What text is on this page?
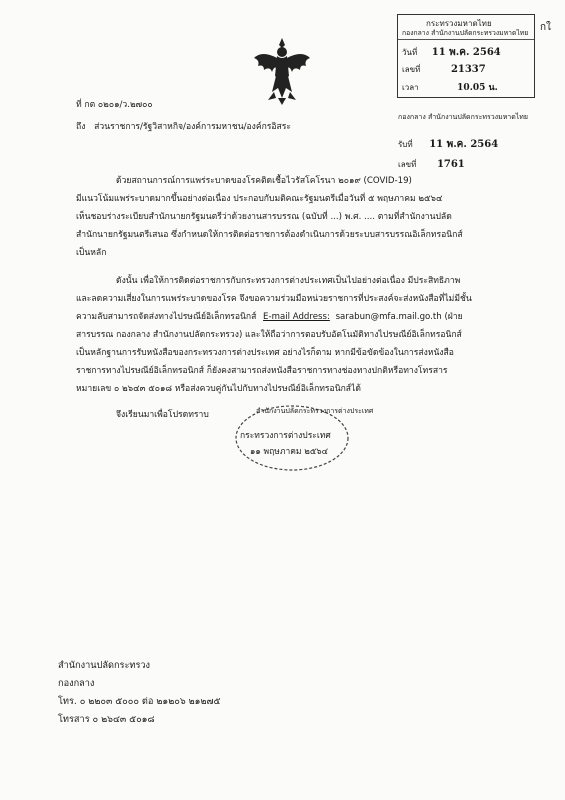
กระทรวงมหาดไทย
กองกลาง สำนักงานปลัดกระทรวงมหาดไทย
วันที่ 11 พ.ค. 2564
เลขที่	21337
เวลา	10.05 น.
กใ
ที่ กต ๐๒๐๑/ว.๒๗๐๐
ถึง ส่วนราชการ/รัฐวิสาหกิจ/องค์การมหาชน/องค์กรอิสระ
กองกลาง สำนักงานปลัดกระทรวงมหาดไทย
รับที่ 11 พ.ค. 2564
เลขที่ 1761
ด้วยสถานการณ์การแพร่ระบาดของโรคติดเชื้อไวรัสโคโรนา ๒๐๑๙ (COVID-19)
มีแนวโน้มแพร่ระบาดมากขึ้นอย่างต่อเนื่อง ประกอบกับมติคณะรัฐมนตรีเมื่อวันที่ ๕ พฤษภาคม ๒๕๖๔
เห็นชอบร่างระเบียบสำนักนายกรัฐมนตรีว่าด้วยงานสารบรรณ (ฉบับที่ ...) พ.ศ. .... ตามที่สำนักงานปลัด
สำนักนายกรัฐมนตรีเสนอ ซึ่งกำหนดให้การติดต่อราชการต้องดำเนินการด้วยระบบสารบรรณอิเล็กทรอนิกส์
เป็นหลัก
ดังนั้น เพื่อให้การติดต่อราชการกับกระทรวงการต่างประเทศเป็นไปอย่างต่อเนื่อง มีประสิทธิภาพ
และลดความเสี่ยงในการแพร่ระบาดของโรค จึงขอความร่วมมือหน่วยราชการที่ประสงค์จะส่งหนังสือที่ไม่มีชั้น
ความลับสามารถจัดส่งทางไปรษณีย์อิเล็กทรอนิกส์ E-mail Address: sarabun@mfa.mail.go.th (ฝ่าย
สารบรรณ กองกลาง สำนักงานปลัดกระทรวง) และให้ถือว่าการตอบรับอัตโนมัติทางไปรษณีย์อิเล็กทรอนิกส์
เป็นหลักฐานการรับหนังสือของกระทรวงการต่างประเทศ อย่างไรก็ตาม หากมีข้อขัดข้องในการส่งหนังสือ
ราชการทางไปรษณีย์อิเล็กทรอนิกส์ ก็ยังคงสามารถส่งหนังสือราชการทางช่องทางปกติหรือทางโทรสาร
หมายเลข ๐ ๒๖๔๓ ๕๐๑๘ หรือส่งควบคู่กันไปกับทางไปรษณีย์อิเล็กทรอนิกส์ได้
จึงเรียนมาเพื่อโปรดทราบ	สำนักงานปลัดกระทรวงการต่างประเทศ
กระทรวงการต่างประเทศ
๑๑ พฤษภาคม ๒๕๖๔
สำนักงานปลัดกระทรวง
กองกลาง
โทร. ๐ ๒๒๐๓ ๕๐๐๐ ต่อ ๒๑๒๐๖ ๒๑๒๗๕
โทรสาร ๐ ๒๖๔๓ ๕๐๑๘
